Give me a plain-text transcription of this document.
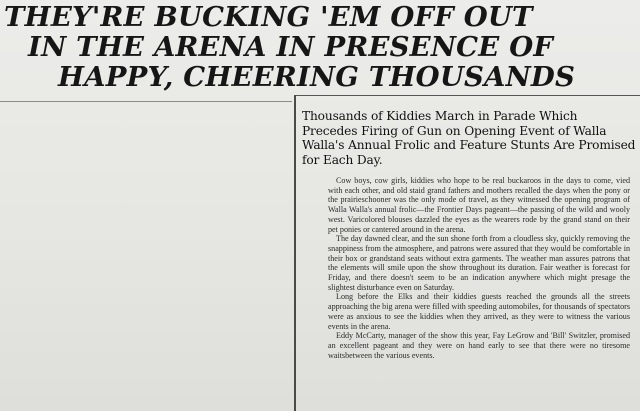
THEY'RE BUCKING 'EM OFF OUT
IN THE ARENA IN PRESENCE OF
HAPPY, CHEERING THOUSANDS

Thousands of Kiddies March in Parade Which Precedes Firing of Gun on Opening Event of Walla Walla's Annual Frolic and Feature Stunts Are Promised for Each Day.

Cow boys, cow girls, kiddies who hope to be real buckaroos in the days to come, vied with each other, and old staid grand fathers and mothers recalled the days when the pony or the prairieschooner was the only mode of travel, as they witnessed the opening program of Walla Walla's annual frolic—the Frontier Days pageant—the passing of the wild and wooly west. Varicolored blouses dazzled the eyes as the wearers rode by the grand stand on their pet ponies or cantered around in the arena.

The day dawned clear, and the sun shone forth from a cloudless sky, quickly removing the snappiness from the atmosphere, and patrons were assured that they would be comfortable in their box or grandstand seats without extra garments. The weather man assures patrons that the elements will smile upon the show throughout its duration. Fair weather is forecast for Friday, and there doesn't seem to be an indication anywhere which might presage the slightest disturbance even on Saturday.

Long before the Elks and their kiddies guests reached the grounds all the streets approaching the big arena were filled with speeding automobiles, for thousands of spectators were as anxious to see the kiddies when they arrived, as they were to witness the various events in the arena.

Eddy McCarty, manager of the show this year, Fay LeGrow and 'Bill' Switzler, promised an excellent pageant and they were on hand early to see that there were no tiresome waitsbetween the various events.
